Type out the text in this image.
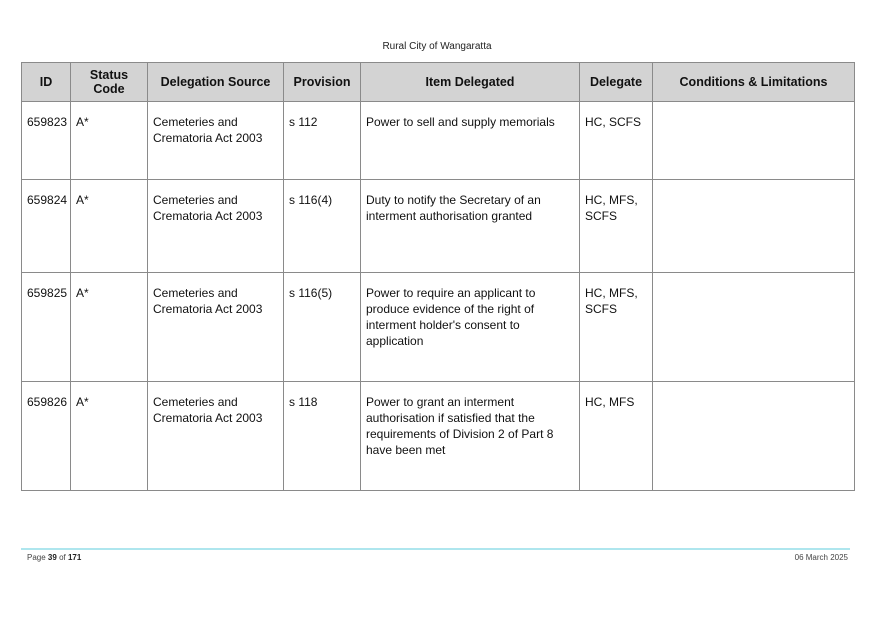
Rural City of Wangaratta
ID	Status Code	Delegation Source	Provision	Item Delegated	Delegate	Conditions & Limitations
659823	A*	Cemeteries and Crematoria Act 2003	s 112	Power to sell and supply memorials	HC, SCFS	
659824	A*	Cemeteries and Crematoria Act 2003	s 116(4)	Duty to notify the Secretary of an interment authorisation granted	HC, MFS, SCFS	
659825	A*	Cemeteries and Crematoria Act 2003	s 116(5)	Power to require an applicant to produce evidence of the right of interment holder's consent to application	HC, MFS, SCFS	
659826	A*	Cemeteries and Crematoria Act 2003	s 118	Power to grant an interment authorisation if satisfied that the requirements of Division 2 of Part 8 have been met	HC, MFS	
Page 39 of 171	06 March 2025
